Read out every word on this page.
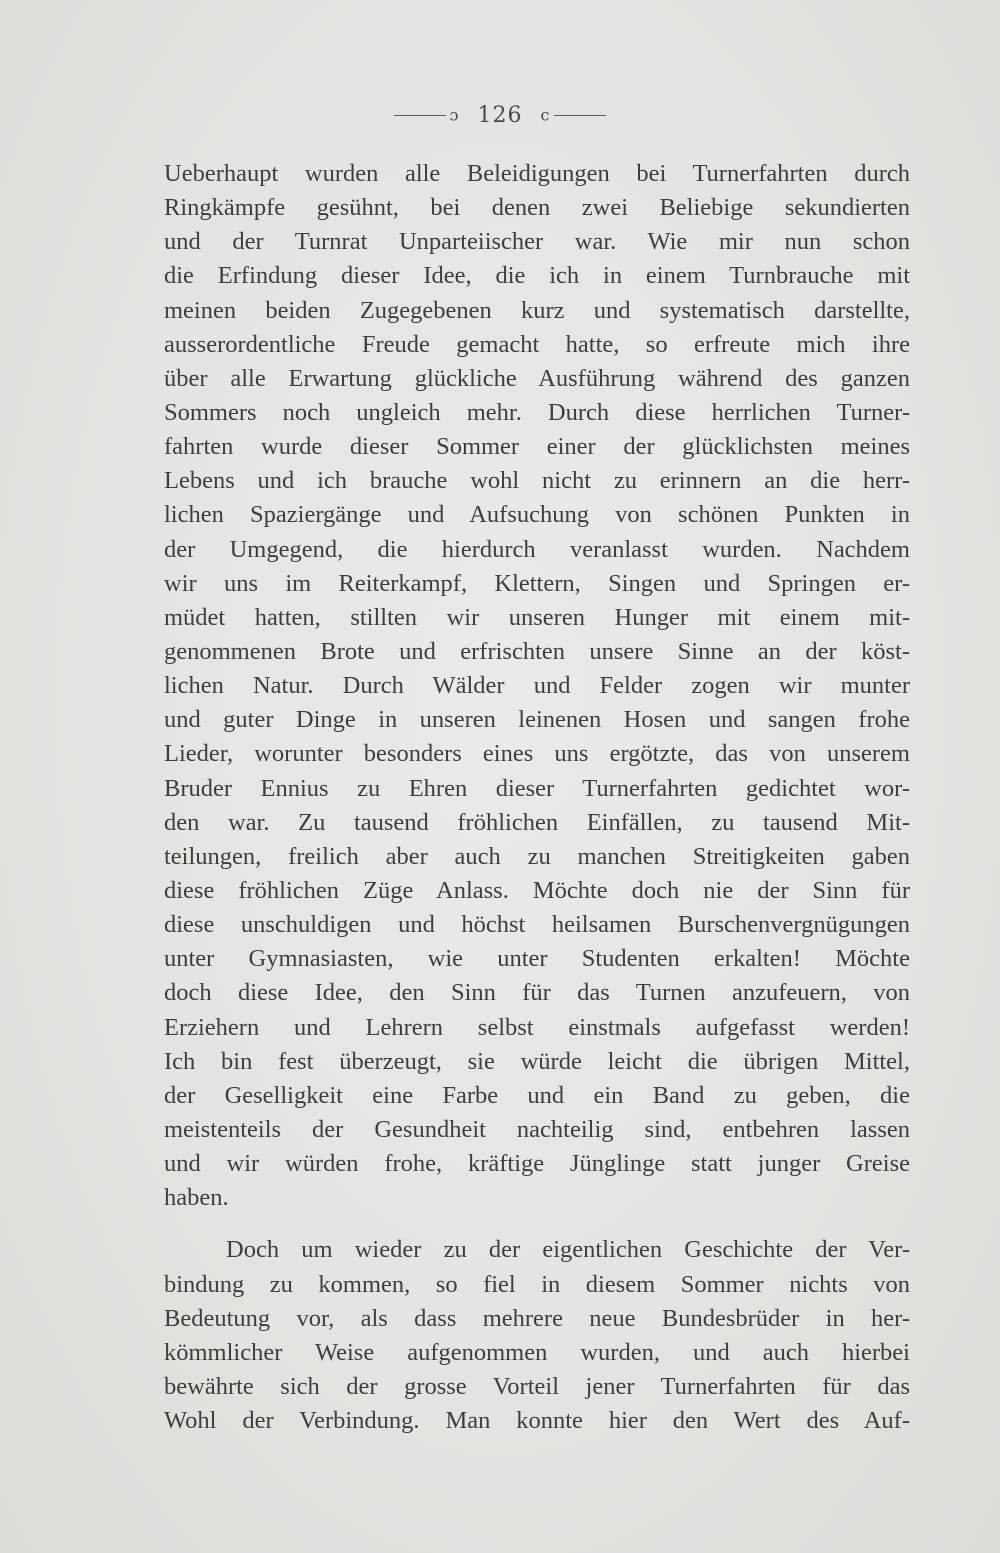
ɔ 126 c
Ueberhaupt wurden alle Beleidigungen bei Turnerfahrten durch
Ringkämpfe gesühnt, bei denen zwei Beliebige sekundierten
und der Turnrat Unparteiischer war. Wie mir nun schon
die Erfindung dieser Idee, die ich in einem Turnbrauche mit
meinen beiden Zugegebenen kurz und systematisch darstellte,
ausserordentliche Freude gemacht hatte, so erfreute mich ihre
über alle Erwartung glückliche Ausführung während des ganzen
Sommers noch ungleich mehr. Durch diese herrlichen Turner-
fahrten wurde dieser Sommer einer der glücklichsten meines
Lebens und ich brauche wohl nicht zu erinnern an die herr-
lichen Spaziergänge und Aufsuchung von schönen Punkten in
der Umgegend, die hierdurch veranlasst wurden. Nachdem
wir uns im Reiterkampf, Klettern, Singen und Springen er-
müdet hatten, stillten wir unseren Hunger mit einem mit-
genommenen Brote und erfrischten unsere Sinne an der köst-
lichen Natur. Durch Wälder und Felder zogen wir munter
und guter Dinge in unseren leinenen Hosen und sangen frohe
Lieder, worunter besonders eines uns ergötzte, das von unserem
Bruder Ennius zu Ehren dieser Turnerfahrten gedichtet wor-
den war. Zu tausend fröhlichen Einfällen, zu tausend Mit-
teilungen, freilich aber auch zu manchen Streitigkeiten gaben
diese fröhlichen Züge Anlass. Möchte doch nie der Sinn für
diese unschuldigen und höchst heilsamen Burschenvergnügungen
unter Gymnasiasten, wie unter Studenten erkalten! Möchte
doch diese Idee, den Sinn für das Turnen anzufeuern, von
Erziehern und Lehrern selbst einstmals aufgefasst werden!
Ich bin fest überzeugt, sie würde leicht die übrigen Mittel,
der Geselligkeit eine Farbe und ein Band zu geben, die
meistenteils der Gesundheit nachteilig sind, entbehren lassen
und wir würden frohe, kräftige Jünglinge statt junger Greise
haben.
Doch um wieder zu der eigentlichen Geschichte der Ver-
bindung zu kommen, so fiel in diesem Sommer nichts von
Bedeutung vor, als dass mehrere neue Bundesbrüder in her-
kömmlicher Weise aufgenommen wurden, und auch hierbei
bewährte sich der grosse Vorteil jener Turnerfahrten für das
Wohl der Verbindung. Man konnte hier den Wert des Auf-
